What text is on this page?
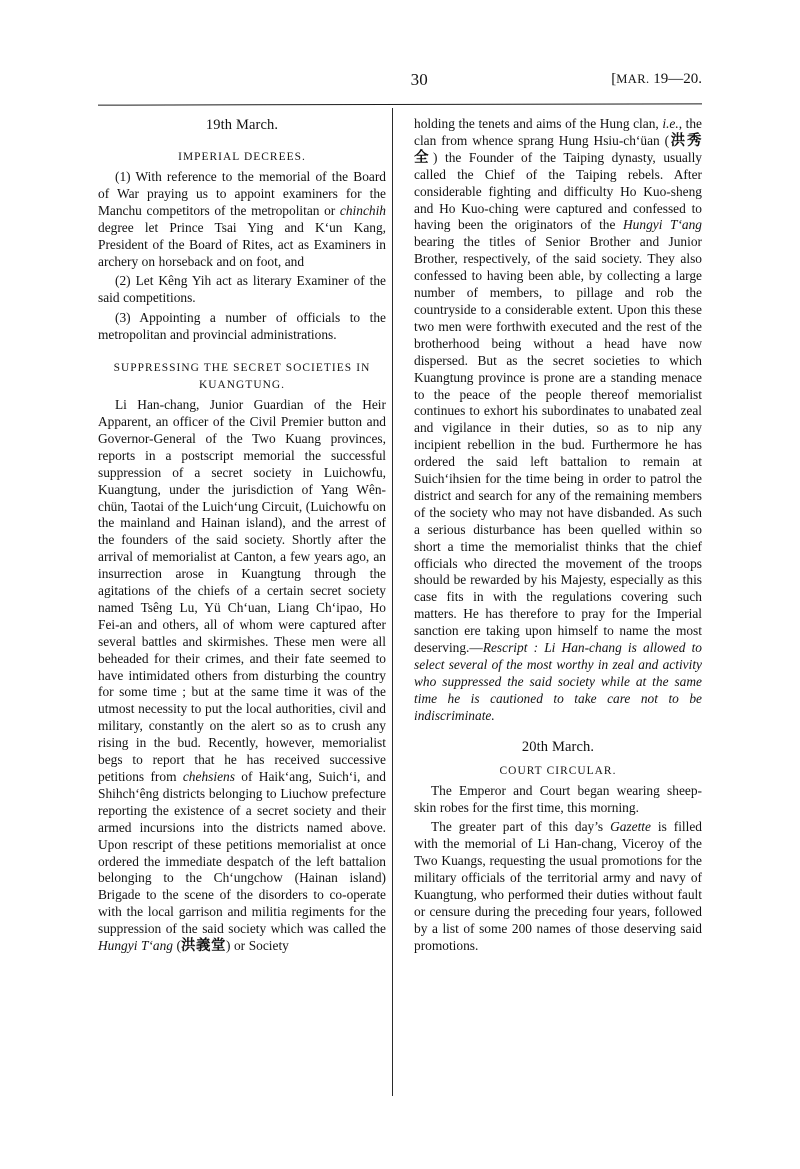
30	[MAR. 19—20.
19th March.
IMPERIAL DECREES.

(1) With reference to the memorial of the Board of War praying us to appoint examiners for the Manchu competitors of the metropolitan or chinchih degree let Prince Tsai Ying and K‘un Kang, President of the Board of Rites, act as Examiners in archery on horseback and on foot, and

(2) Let Kêng Yih act as literary Examiner of the said competitions.

(3) Appointing a number of officials to the metropolitan and provincial administrations.

SUPPRESSING THE SECRET SOCIETIES IN
KUANGTUNG.

Li Han-chang, Junior Guardian of the Heir Apparent, an officer of the Civil Premier button and Governor-General of the Two Kuang provinces, reports in a postscript memorial the successful suppression of a secret society in Luichowfu, Kuangtung, under the jurisdiction of Yang Wên-chün, Taotai of the Luich‘ung Circuit, (Luichowfu on the mainland and Hainan island), and the arrest of the founders of the said society. Shortly after the arrival of memorialist at Canton, a few years ago, an insurrection arose in Kuangtung through the agitations of the chiefs of a certain secret society named Tsêng Lu, Yü Ch‘uan, Liang Ch‘ipao, Ho Fei-an and others, all of whom were captured after several battles and skirmishes. These men were all beheaded for their crimes, and their fate seemed to have intimidated others from disturbing the country for some time ; but at the same time it was of the utmost necessity to put the local authorities, civil and military, constantly on the alert so as to crush any rising in the bud. Recently, however, memorialist begs to report that he has received successive petitions from chehsiens of Haik‘ang, Suich‘i, and Shihch‘êng districts belonging to Liuchow prefecture reporting the existence of a secret society and their armed incursions into the districts named above. Upon rescript of these petitions memorialist at once ordered the immediate despatch of the left battalion belonging to the Ch‘ungchow (Hainan island) Brigade to the scene of the disorders to co-operate with the local garrison and militia regiments for the suppression of the said society which was called the Hungyi T‘ang (洪義堂) or Society

holding the tenets and aims of the Hung clan, i.e., the clan from whence sprang Hung Hsiu-ch‘üan (洪秀全) the Founder of the Taiping dynasty, usually called the Chief of the Taiping rebels. After considerable fighting and difficulty Ho Kuo-sheng and Ho Kuo-ching were captured and confessed to having been the originators of the Hungyi T‘ang bearing the titles of Senior Brother and Junior Brother, respectively, of the said society. They also confessed to having been able, by collecting a large number of members, to pillage and rob the countryside to a considerable extent. Upon this these two men were forthwith executed and the rest of the brotherhood being without a head have now dispersed. But as the secret societies to which Kuangtung province is prone are a standing menace to the peace of the people thereof memorialist continues to exhort his subordinates to unabated zeal and vigilance in their duties, so as to nip any incipient rebellion in the bud. Furthermore he has ordered the said left battalion to remain at Suich‘ihsien for the time being in order to patrol the district and search for any of the remaining members of the society who may not have disbanded. As such a serious disturbance has been quelled within so short a time the memorialist thinks that the chief officials who directed the movement of the troops should be rewarded by his Majesty, especially as this case fits in with the regulations covering such matters. He has therefore to pray for the Imperial sanction ere taking upon himself to name the most deserving.—Rescript : Li Han-chang is allowed to select several of the most worthy in zeal and activity who suppressed the said society while at the same time he is cautioned to take care not to be indiscriminate.

20th March.
COURT CIRCULAR.

The Emperor and Court began wearing sheep-skin robes for the first time, this morning.

The greater part of this day’s Gazette is filled with the memorial of Li Han-chang, Viceroy of the Two Kuangs, requesting the usual promotions for the military officials of the territorial army and navy of Kuangtung, who performed their duties without fault or censure during the preceding four years, followed by a list of some 200 names of those deserving said promotions.
